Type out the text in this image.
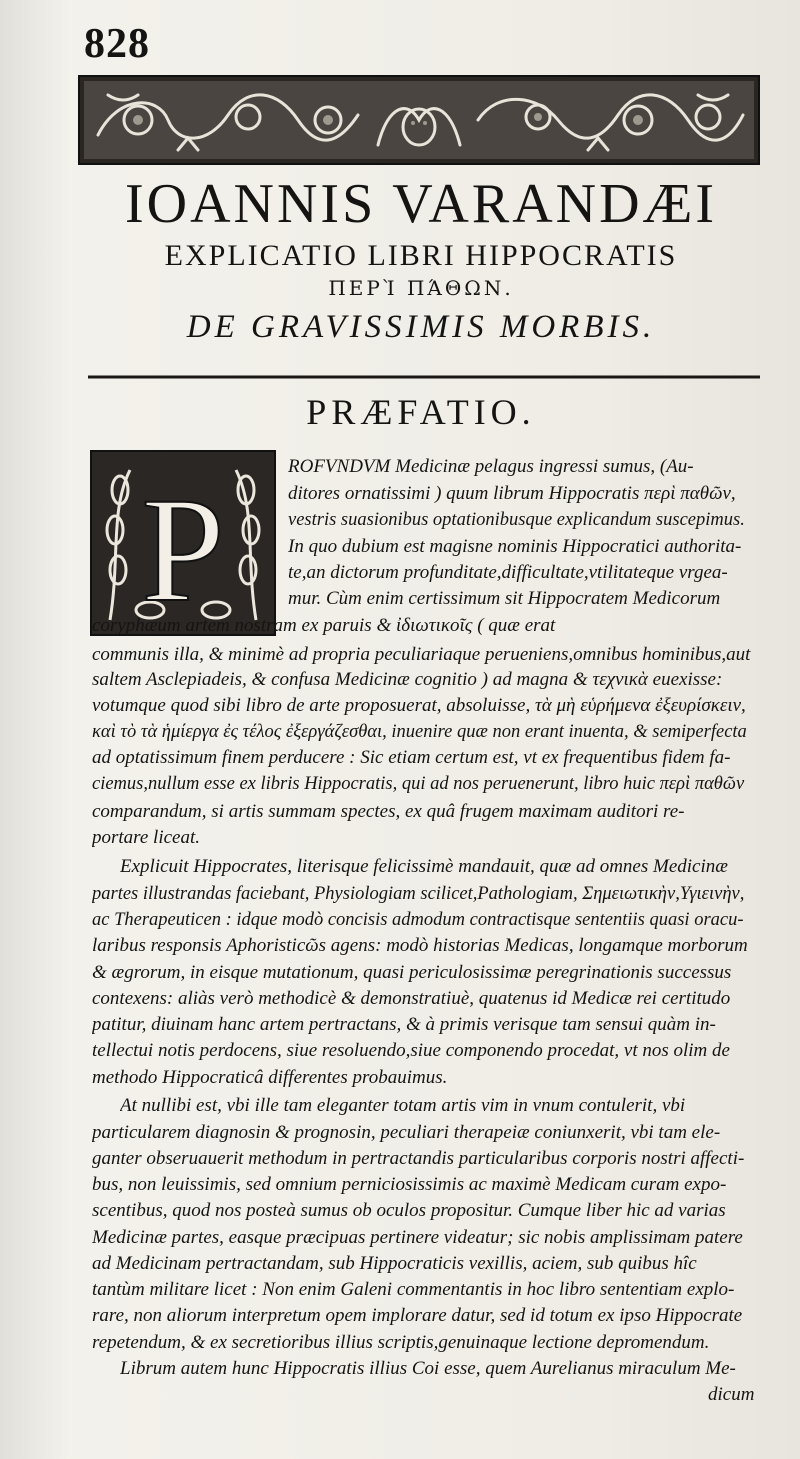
828
IOANNIS VARANDÆI
EXPLICATIO LIBRI HIPPOCRATIS
ΠΕΡῚ ΠΆΘΩΝ.
DE GRAVISSIMIS MORBIS.
PRÆFATIO.
P
ROFVNDVM Medicinæ pelagus ingressi sumus, (Au-
ditores ornatissimi ) quum librum Hippocratis περὶ παθῶν,
vestris suasionibus optationibusque explicandum suscepimus.
In quo dubium est magisne nominis Hippocratici authorita-
te,an dictorum profunditate,difficultate,vtilitateque vrgea-
mur. Cùm enim certissimum sit Hippocratem Medicorum
coryphæum artem nostram ex paruis & ἰδιωτικοῖς ( quæ erat
communis illa, & minimè ad propria peculiariaque perueniens,omnibus hominibus,aut
saltem Asclepiadeis, & confusa Medicinæ cognitio ) ad magna & τεχνικὰ euexisse:
votumque quod sibi libro de arte proposuerat, absoluisse, τὰ μὴ εὑρήμενα ἐξευρίσκειν,
καὶ τὸ τὰ ἡμίεργα ἐς τέλος ἐξεργάζεσθαι, inuenire quæ non erant inuenta, & semiperfecta
ad optatissimum finem perducere : Sic etiam certum est, vt ex frequentibus fidem fa-
ciemus,nullum esse ex libris Hippocratis, qui ad nos peruenerunt, libro huic περὶ παθῶν
comparandum, si artis summam spectes, ex quâ frugem maximam auditori re-
portare liceat.
Explicuit Hippocrates, literisque felicissimè mandauit, quæ ad omnes Medicinæ
partes illustrandas faciebant, Physiologiam scilicet,Pathologiam, Σημειωτικὴν,Υγιεινὴν,
ac Therapeuticen : idque modò concisis admodum contractisque sententiis quasi oracu-
laribus responsis Aphoristicῶs agens: modò historias Medicas, longamque morborum
& ægrorum, in eisque mutationum, quasi periculosissimæ peregrinationis successus
contexens: aliàs verò methodicè & demonstratiuè, quatenus id Medicæ rei certitudo
patitur, diuinam hanc artem pertractans, & à primis verisque tam sensui quàm in-
tellectui notis perdocens, siue resoluendo,siue componendo procedat, vt nos olim de
methodo Hippocraticâ differentes probauimus.
At nullibi est, vbi ille tam eleganter totam artis vim in vnum contulerit, vbi
particularem diagnosin & prognosin, peculiari therapeiæ coniunxerit, vbi tam ele-
ganter obseruauerit methodum in pertractandis particularibus corporis nostri affecti-
bus, non leuissimis, sed omnium perniciosissimis ac maximè Medicam curam expo-
scentibus, quod nos posteà sumus ob oculos propositur. Cumque liber hic ad varias
Medicinæ partes, easque præcipuas pertinere videatur; sic nobis amplissimam patere
ad Medicinam pertractandam, sub Hippocraticis vexillis, aciem, sub quibus hîc
tantùm militare licet : Non enim Galeni commentantis in hoc libro sententiam explo-
rare, non aliorum interpretum opem implorare datur, sed id totum ex ipso Hippocrate
repetendum, & ex secretioribus illius scriptis,genuinaque lectione depromendum.
Librum autem hunc Hippocratis illius Coi esse, quem Aurelianus miraculum Me-
dicum
